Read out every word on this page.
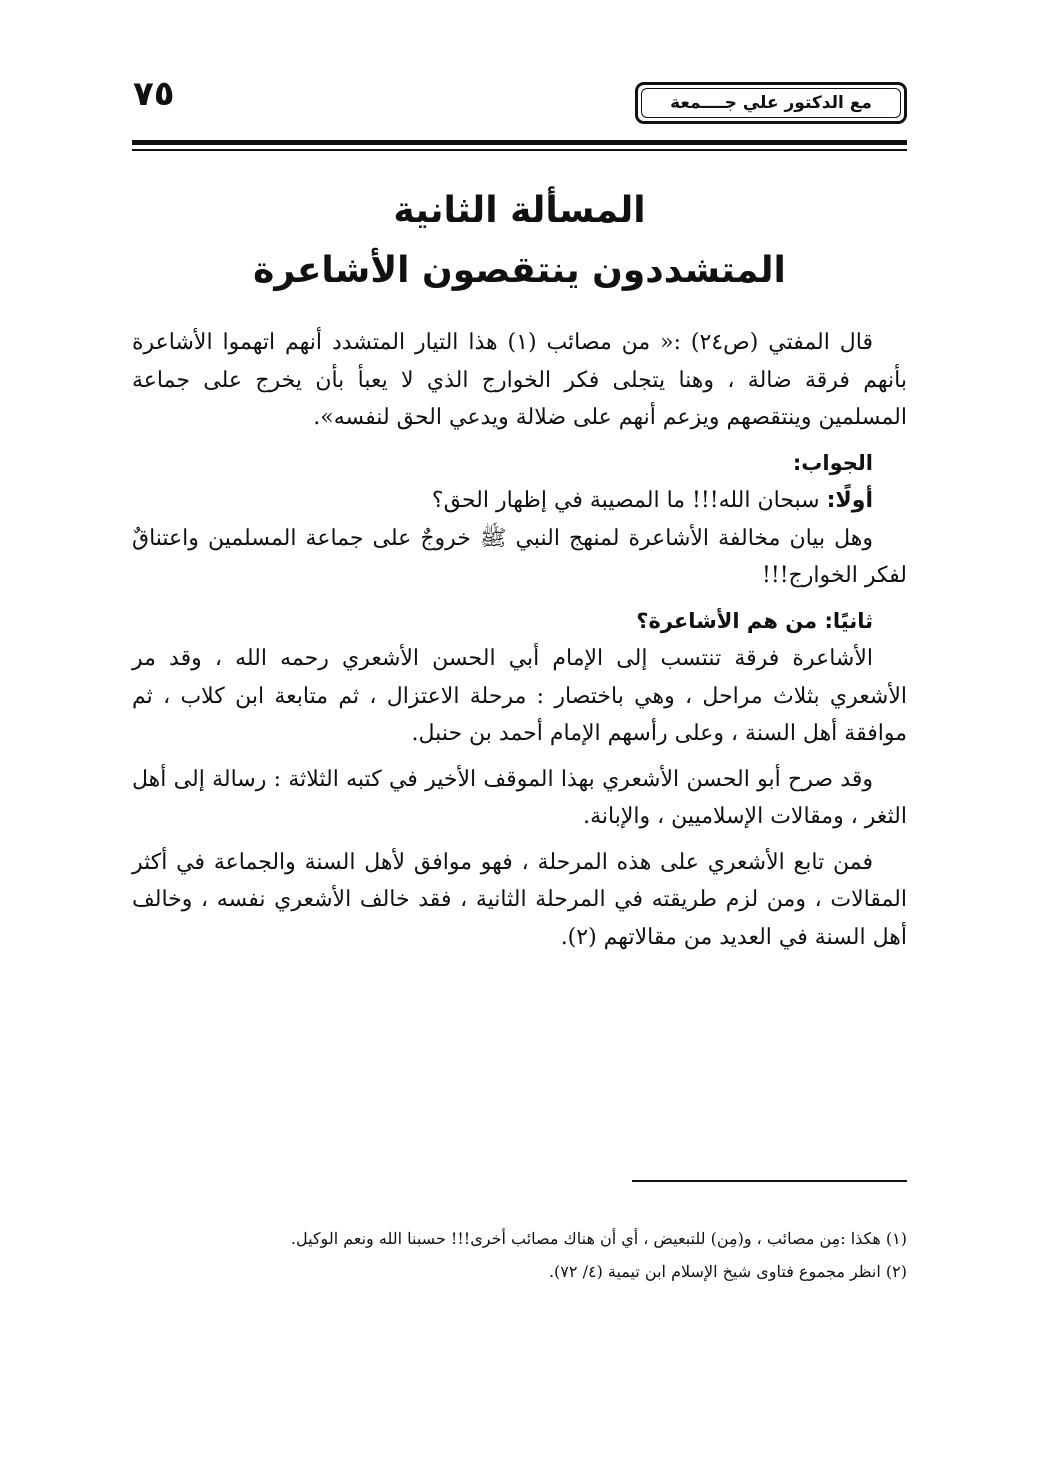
مع الدكتور علي جــــمعة
٧٥
المسألة الثانية
المتشددون ينتقصون الأشاعرة

قال المفتي (ص٢٤) :« من مصائب (١) هذا التيار المتشدد أنهم اتهموا الأشاعرة بأنهم فرقة ضالة ، وهنا يتجلى فكر الخوارج الذي لا يعبأ بأن يخرج على جماعة المسلمين وينتقصهم ويزعم أنهم على ضلالة ويدعي الحق لنفسه».

الجواب:

أولًا: سبحان الله!!! ما المصيبة في إظهار الحق؟

وهل بيان مخالفة الأشاعرة لمنهج النبي ﷺ خروجٌ على جماعة المسلمين واعتناقٌ لفكر الخوارج!!!

ثانيًا: من هم الأشاعرة؟

الأشاعرة فرقة تنتسب إلى الإمام أبي الحسن الأشعري رحمه الله ، وقد مر الأشعري بثلاث مراحل ، وهي باختصار : مرحلة الاعتزال ، ثم متابعة ابن كلاب ، ثم موافقة أهل السنة ، وعلى رأسهم الإمام أحمد بن حنبل.

وقد صرح أبو الحسن الأشعري بهذا الموقف الأخير في كتبه الثلاثة : رسالة إلى أهل الثغر ، ومقالات الإسلاميين ، والإبانة.

فمن تابع الأشعري على هذه المرحلة ، فهو موافق لأهل السنة والجماعة في أكثر المقالات ، ومن لزم طريقته في المرحلة الثانية ، فقد خالف الأشعري نفسه ، وخالف أهل السنة في العديد من مقالاتهم (٢).

(١) هكذا :مِن مصائب ، و(مِن) للتبعيض ، أي أن هناك مصائب أخرى!!! حسبنا الله ونعم الوكيل.

(٢) انظر مجموع فتاوى شيخ الإسلام ابن تيمية (٤/ ٧٢).
